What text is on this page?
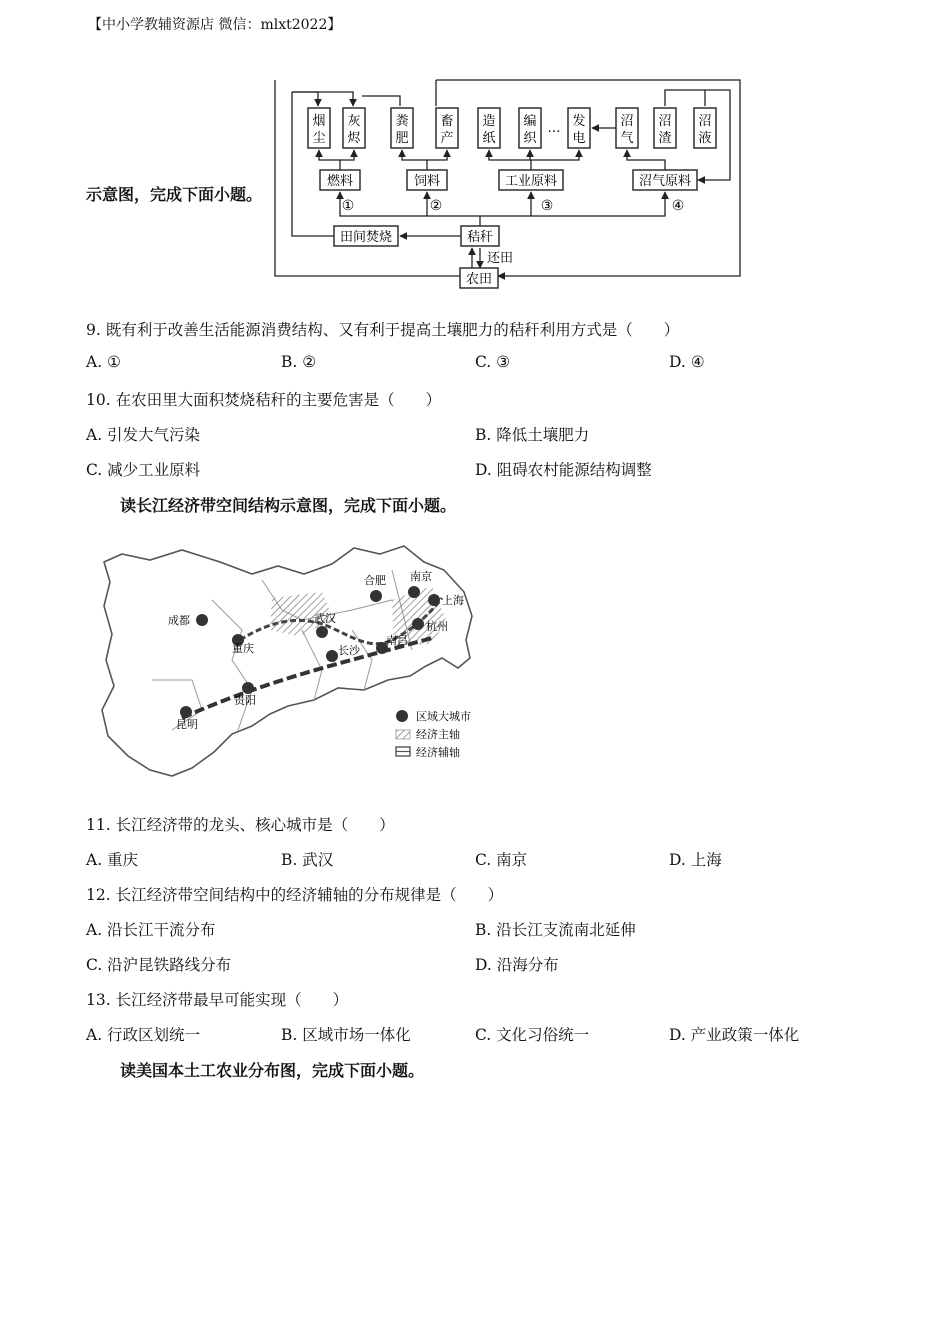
【中小学教辅资源店 微信：mlxt2022】
示意图，完成下面小题。
烟
尘
灰
烬
粪
肥
畜
产
造
纸
编
织
… 发
电
沼
气
沼
渣
沼
液
燃料	饲料	工业原料	沼气原料
①	②	③	④
田间焚烧	秸秆
还田
农田
9. 既有利于改善生活能源消费结构、又有利于提高土壤肥力的秸秆利用方式是（　　）
A. ①	B. ②	C. ③	D. ④
10. 在农田里大面积焚烧秸秆的主要危害是（　　）
A. 引发大气污染	B. 降低土壤肥力
C. 减少工业原料	D. 阻碍农村能源结构调整
读长江经济带空间结构示意图，完成下面小题。
成都
重庆
武汉
合肥 南京
上海
杭州
长沙
南昌
贵阳
昆明
区域大城市
经济主轴
经济辅轴
11. 长江经济带的龙头、核心城市是（　　）
A. 重庆	B. 武汉	C. 南京	D. 上海
12. 长江经济带空间结构中的经济辅轴的分布规律是（　　）
A. 沿长江干流分布	B. 沿长江支流南北延伸
C. 沿沪昆铁路线分布	D. 沿海分布
13. 长江经济带最早可能实现（　　）
A. 行政区划统一	B. 区域市场一体化	C. 文化习俗统一	D. 产业政策一体化
读美国本土工农业分布图，完成下面小题。
